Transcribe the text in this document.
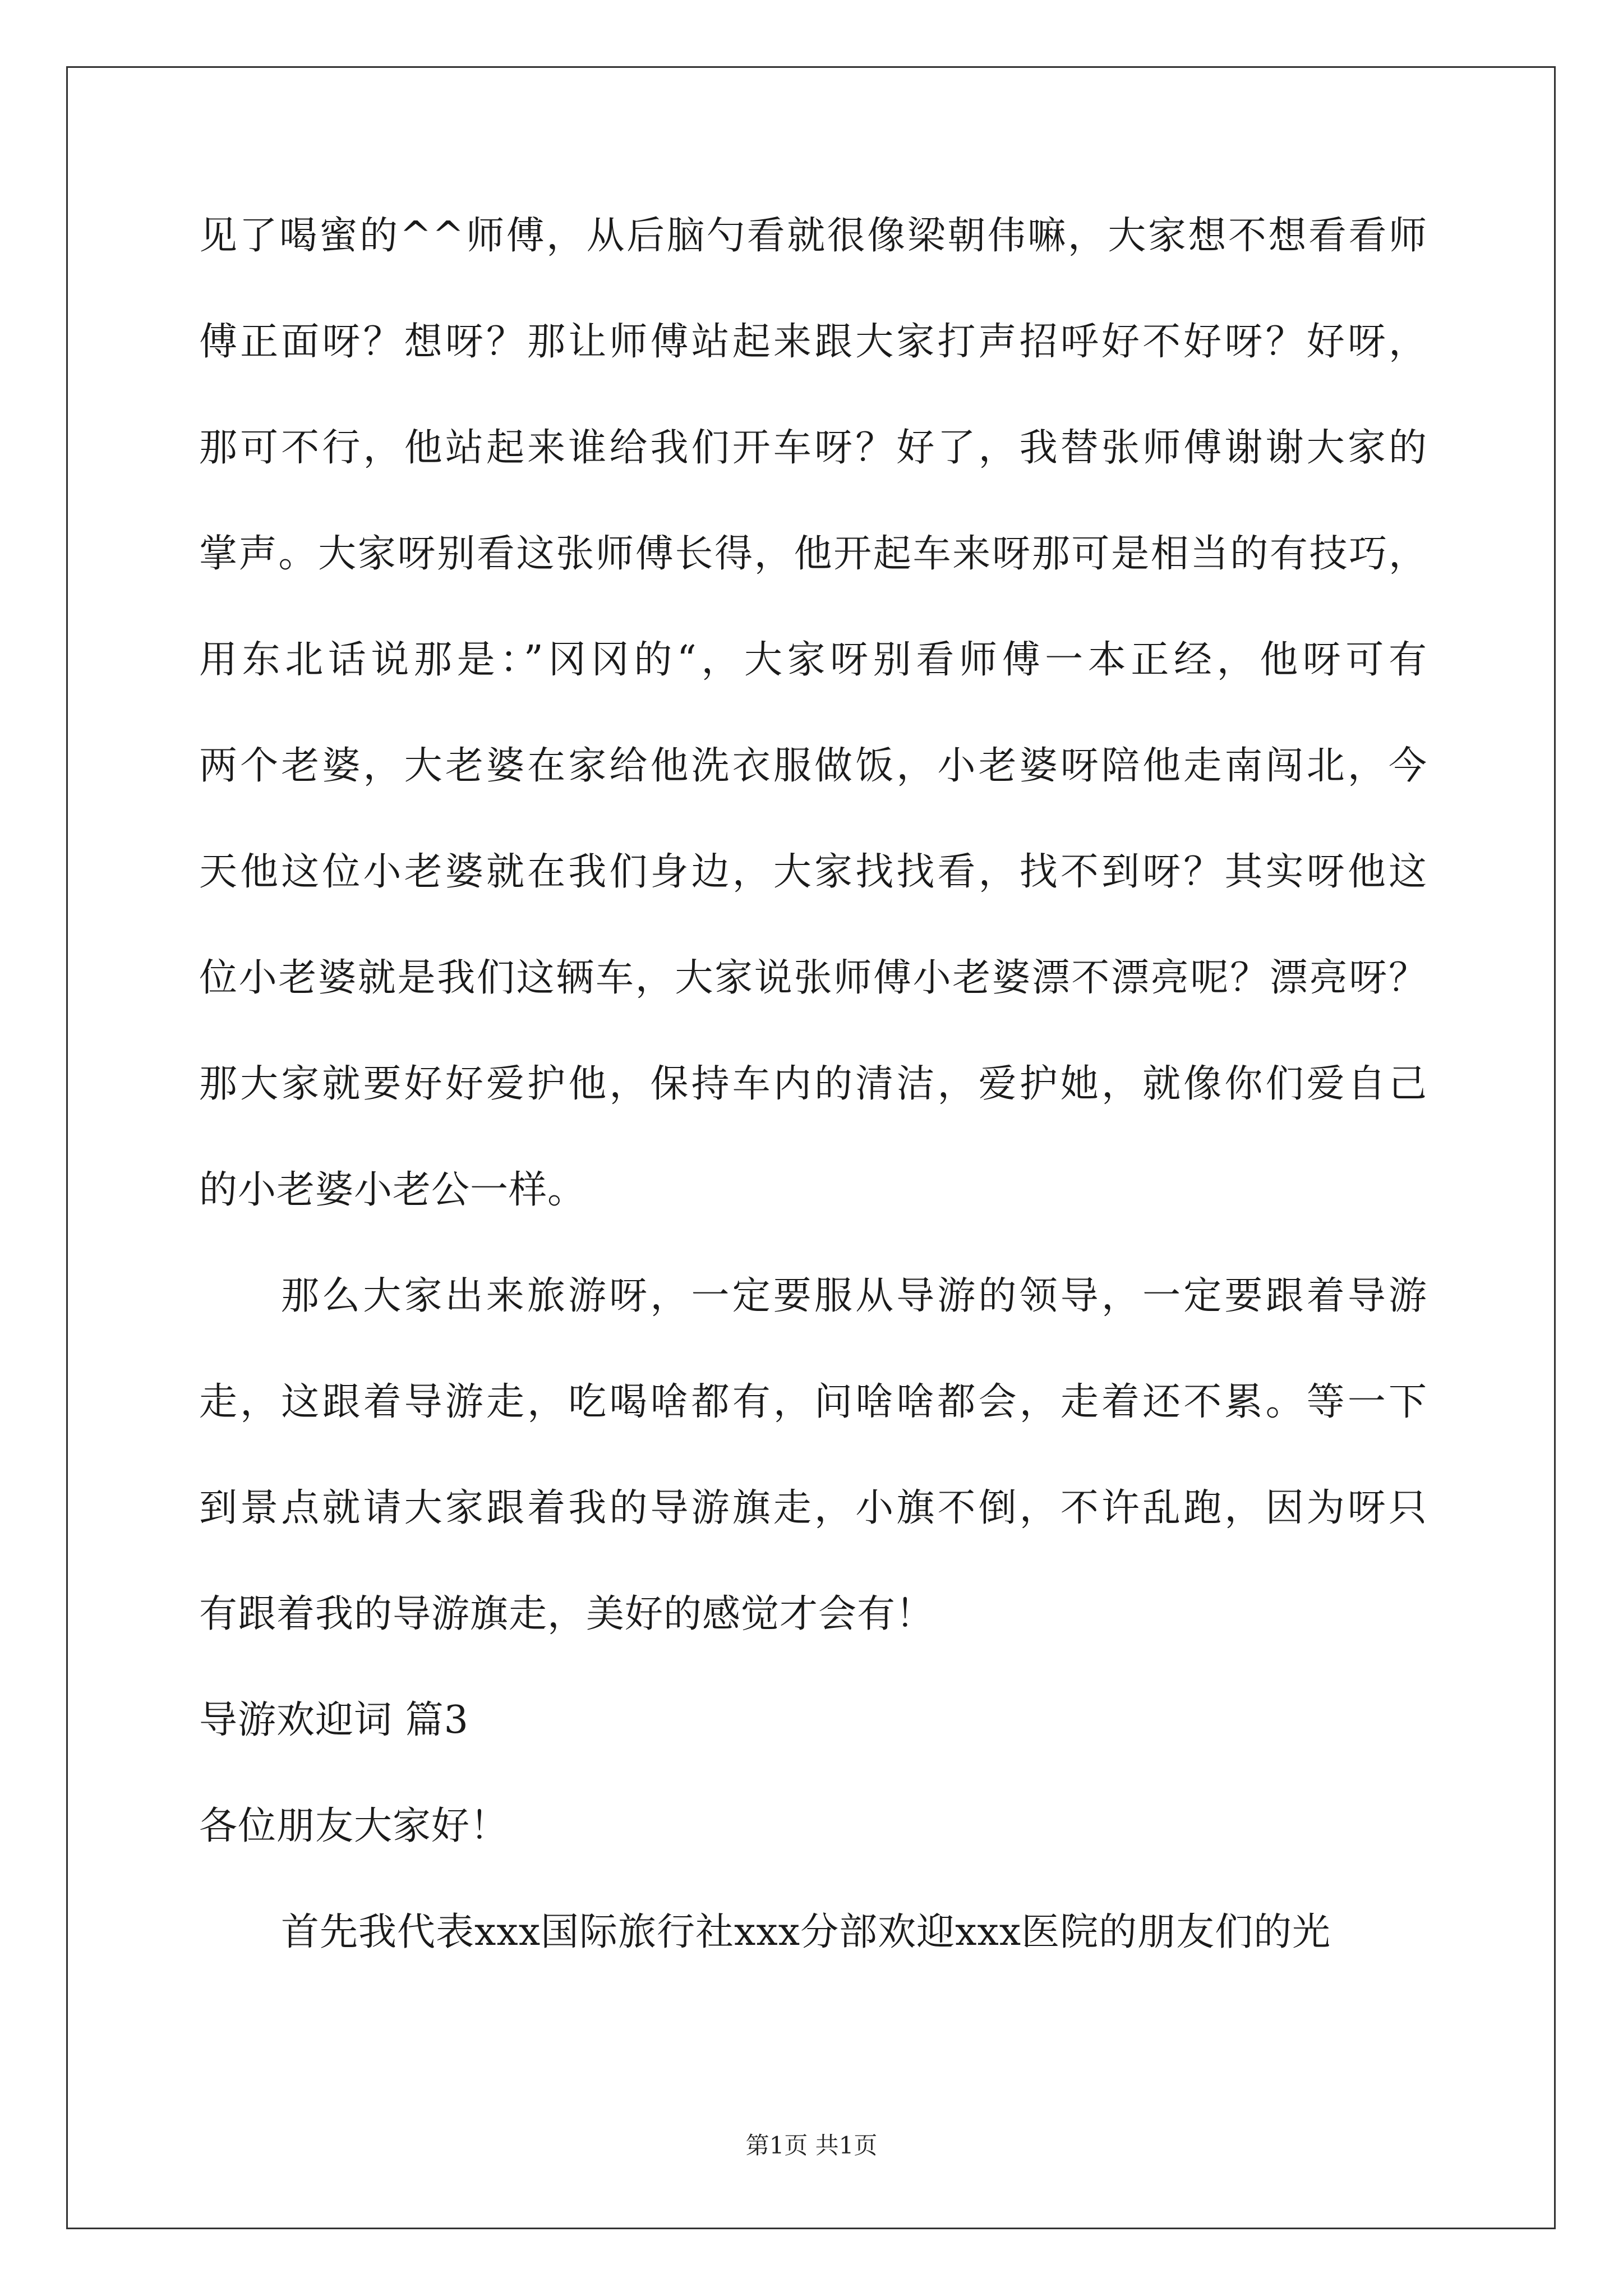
见了喝蜜的^^师傅，从后脑勺看就很像梁朝伟嘛，大家想不想看看师
傅正面呀？想呀？那让师傅站起来跟大家打声招呼好不好呀？好呀，
那可不行，他站起来谁给我们开车呀？好了，我替张师傅谢谢大家的
掌声。大家呀别看这张师傅长得，他开起车来呀那可是相当的有技巧，
用东北话说那是：”冈冈的“，大家呀别看师傅一本正经，他呀可有
两个老婆，大老婆在家给他洗衣服做饭，小老婆呀陪他走南闯北，今
天他这位小老婆就在我们身边，大家找找看，找不到呀？其实呀他这
位小老婆就是我们这辆车，大家说张师傅小老婆漂不漂亮呢？漂亮呀？
那大家就要好好爱护他，保持车内的清洁，爱护她，就像你们爱自己
的小老婆小老公一样。
那么大家出来旅游呀，一定要服从导游的领导，一定要跟着导游
走，这跟着导游走，吃喝啥都有，问啥啥都会，走着还不累。等一下
到景点就请大家跟着我的导游旗走，小旗不倒，不许乱跑，因为呀只
有跟着我的导游旗走，美好的感觉才会有！
导游欢迎词 篇3
各位朋友大家好！
首先我代表xxx国际旅行社xxx分部欢迎xxx医院的朋友们的光
第1页 共1页
